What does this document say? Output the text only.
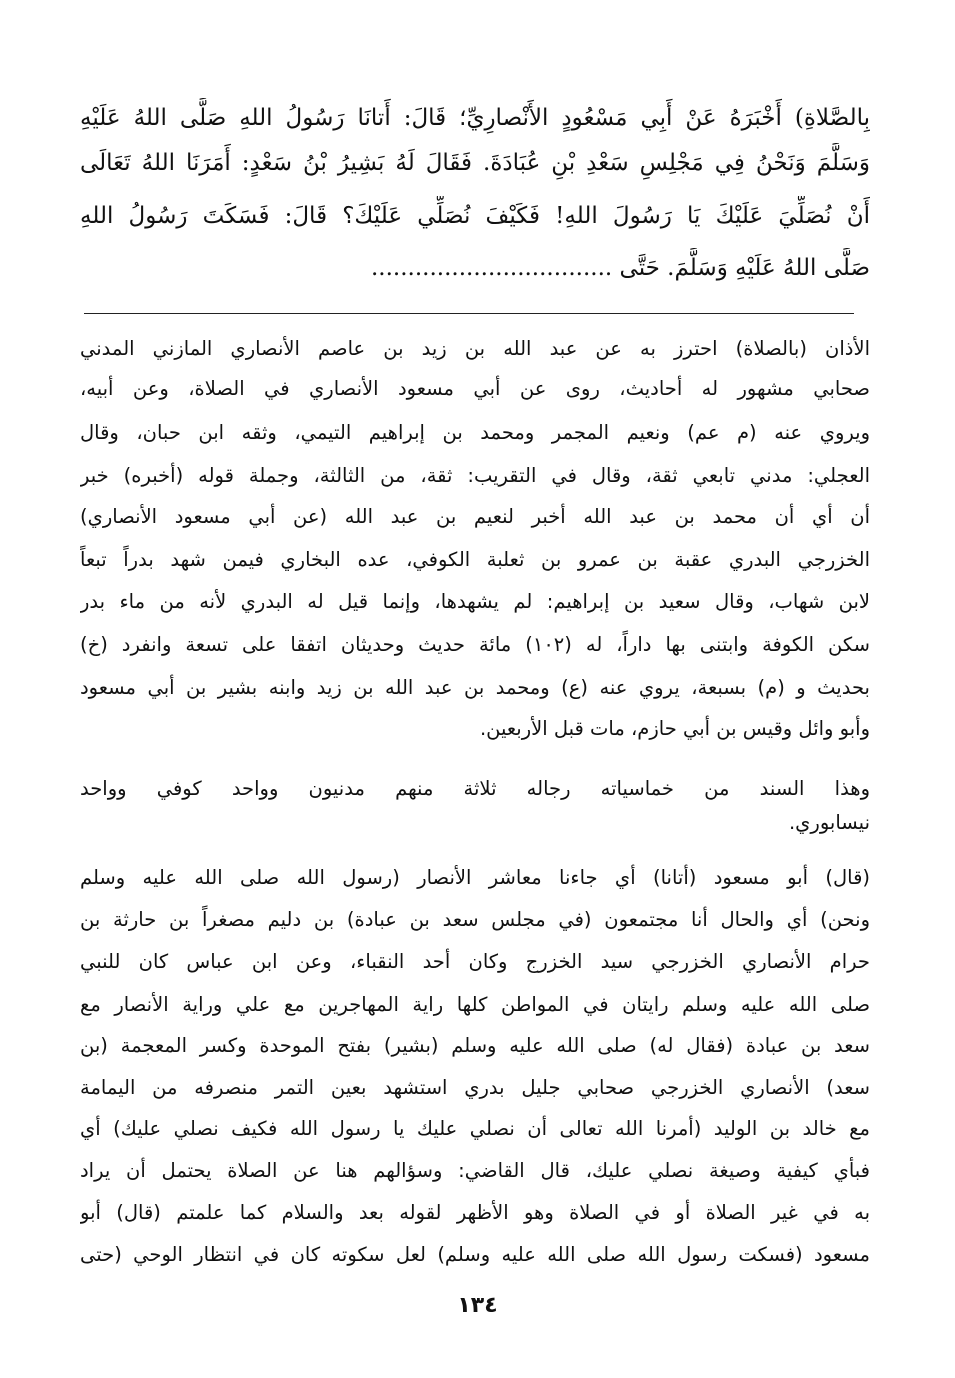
بِالصَّلاةِ) أَخْبَرَهُ عَنْ أَبِي مَسْعُودٍ الأَنْصارِيِّ؛ قَالَ: أَتانَا رَسُولُ اللهِ صَلَّى اللهُ عَلَيْهِ
وَسَلَّمَ وَنَحْنُ فِي مَجْلِسِ سَعْدِ بْنِ عُبَادَةَ. فَقَالَ لَهُ بَشِيرُ بْنُ سَعْدٍ: أَمَرَنَا اللهُ تَعَالَى
أَنْ نُصَلِّيَ عَلَيْكَ يَا رَسُولَ اللهِ! فَكَيْفَ نُصَلِّي عَلَيْكَ؟ قَالَ: فَسَكَتَ رَسُولُ اللهِ
صَلَّى اللهُ عَلَيْهِ وَسَلَّمَ. حَتَّى .................................
الأذان (بالصلاة) احترز به عن عبد الله بن زيد بن عاصم الأنصاري المازني المدني
صحابي مشهور له أحاديث، روى عن أبي مسعود الأنصاري في الصلاة، وعن أبيه،
ويروي عنه (م عم) ونعيم المجمر ومحمد بن إبراهيم التيمي، وثقه ابن حبان، وقال
العجلي: مدني تابعي ثقة، وقال في التقريب: ثقة، من الثالثة، وجملة قوله (أخبره) خبر
أن أي أن محمد بن عبد الله أخبر لنعيم بن عبد الله (عن أبي مسعود الأنصاري)
الخزرجي البدري عقبة بن عمرو بن ثعلبة الكوفي، عده البخاري فيمن شهد بدراً تبعاً
لابن شهاب، وقال سعيد بن إبراهيم: لم يشهدها، وإنما قيل له البدري لأنه من ماء بدر
سكن الكوفة وابتنى بها داراً، له (١٠٢) مائة حديث وحديثان اتفقا على تسعة وانفرد (خ)
بحديث و (م) بسبعة، يروي عنه (ع) ومحمد بن عبد الله بن زيد وابنه بشير بن أبي مسعود
وأبو وائل وقيس بن أبي حازم، مات قبل الأربعين.
وهذا السند من خماسياته رجاله ثلاثة منهم مدنيون وواحد كوفي وواحد
نيسابوري.
(قال) أبو مسعود (أتانا) أي جاءنا معاشر الأنصار (رسول الله صلى الله عليه وسلم
ونحن) أي والحال أنا مجتمعون (في مجلس سعد بن عبادة) بن دليم مصغراً بن حارثة بن
حرام الأنصاري الخزرجي سيد الخزرج وكان أحد النقباء، وعن ابن عباس كان للنبي
صلى الله عليه وسلم رايتان في المواطن كلها راية المهاجرين مع علي وراية الأنصار مع
سعد بن عبادة (فقال له) صلى الله عليه وسلم (بشير) بفتح الموحدة وكسر المعجمة (بن
سعد) الأنصاري الخزرجي صحابي جليل بدري استشهد بعين التمر منصرفه من اليمامة
مع خالد بن الوليد (أمرنا الله تعالى أن نصلي عليك يا رسول الله فكيف نصلي عليك) أي
فبأي كيفية وصيغة نصلي عليك، قال القاضي: وسؤالهم هنا عن الصلاة يحتمل أن يراد
به في غير الصلاة أو في الصلاة وهو الأظهر لقوله بعد والسلام كما علمتم (قال) أبو
مسعود (فسكت رسول الله صلى الله عليه وسلم) لعل سكوته كان في انتظار الوحي (حتى
١٣٤
